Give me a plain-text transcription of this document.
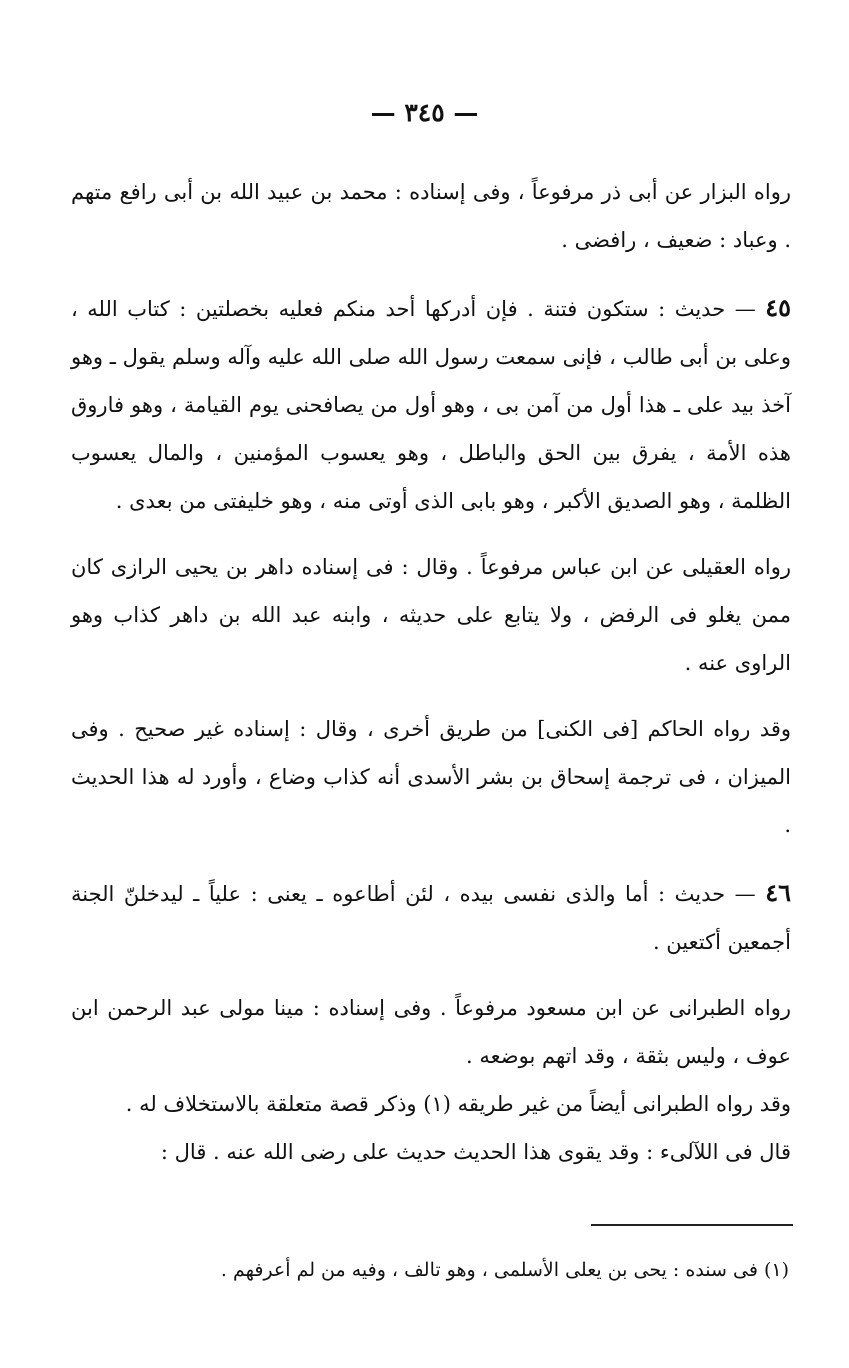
— ٣٤٥ —

رواه البزار عن أبى ذر مرفوعاً ، وفى إسناده : محمد بن عبيد الله بن أبى رافع متهم . وعباد : ضعيف ، رافضى .

٤٥ — حديث : ستكون فتنة . فإن أدركها أحد منكم فعليه بخصلتين : كتاب الله ، وعلى بن أبى طالب ، فإنى سمعت رسول الله صلى الله عليه وآله وسلم يقول ـ وهو آخذ بيد على ـ هذا أول من آمن بى ، وهو أول من يصافحنى يوم القيامة ، وهو فاروق هذه الأمة ، يفرق بين الحق والباطل ، وهو يعسوب المؤمنين ، والمال يعسوب الظلمة ، وهو الصديق الأكبر ، وهو بابى الذى أوتى منه ، وهو خليفتى من بعدى .

رواه العقيلى عن ابن عباس مرفوعاً . وقال : فى إسناده داهر بن يحيى الرازى كان ممن يغلو فى الرفض ، ولا يتابع على حديثه ، وابنه عبد الله بن داهر كذاب وهو الراوى عنه .

وقد رواه الحاكم [فى الكنى] من طريق أخرى ، وقال : إسناده غير صحيح . وفى الميزان ، فى ترجمة إسحاق بن بشر الأسدى أنه كذاب وضاع ، وأورد له هذا الحديث .

٤٦ — حديث : أما والذى نفسى بيده ، لئن أطاعوه ـ يعنى : علياً ـ ليدخلنّ الجنة أجمعين أكتعين .

رواه الطبرانى عن ابن مسعود مرفوعاً . وفى إسناده : مينا مولى عبد الرحمن ابن عوف ، وليس بثقة ، وقد اتهم بوضعه .

وقد رواه الطبرانى أيضاً من غير طريقه (١) وذكر قصة متعلقة بالاستخلاف له .

قال فى اللآلىء : وقد يقوى هذا الحديث حديث على رضى الله عنه . قال :

(١) فى سنده : يحى بن يعلى الأسلمى ، وهو تالف ، وفيه من لم أعرفهم .
